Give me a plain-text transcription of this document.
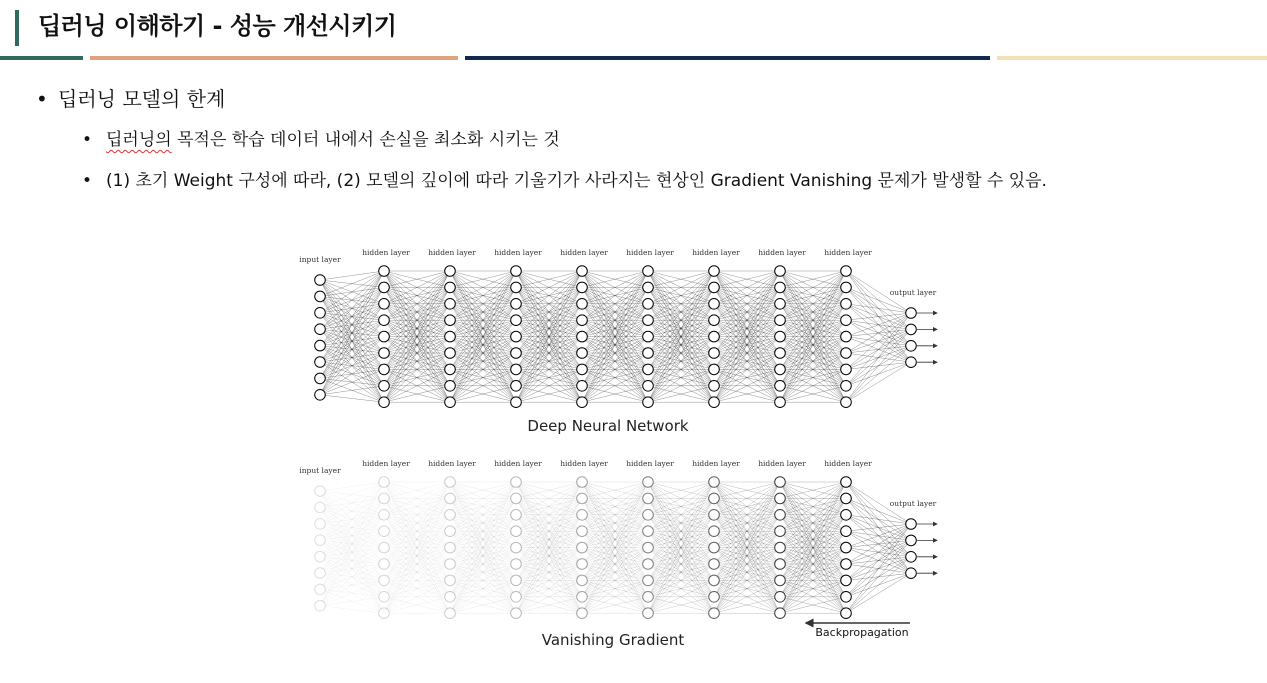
딥러닝 이해하기 - 성능 개선시키기
• 딥러닝 모델의 한계
• 딥러닝의 목적은 학습 데이터 내에서 손실을 최소화 시키는 것
• (1) 초기 Weight 구성에 따라, (2) 모델의 깊이에 따라 기울기가 사라지는 현상인 Gradient Vanishing 문제가 발생할 수 있음.
input layer
hidden layer hidden layer hidden layer hidden layer hidden layer hidden layer hidden layer hidden layer
output layer
input layer
hidden layer hidden layer hidden layer hidden layer hidden layer hidden layer hidden layer hidden layer
output layer
Deep Neural Network
Vanishing Gradient	Backpropagation
